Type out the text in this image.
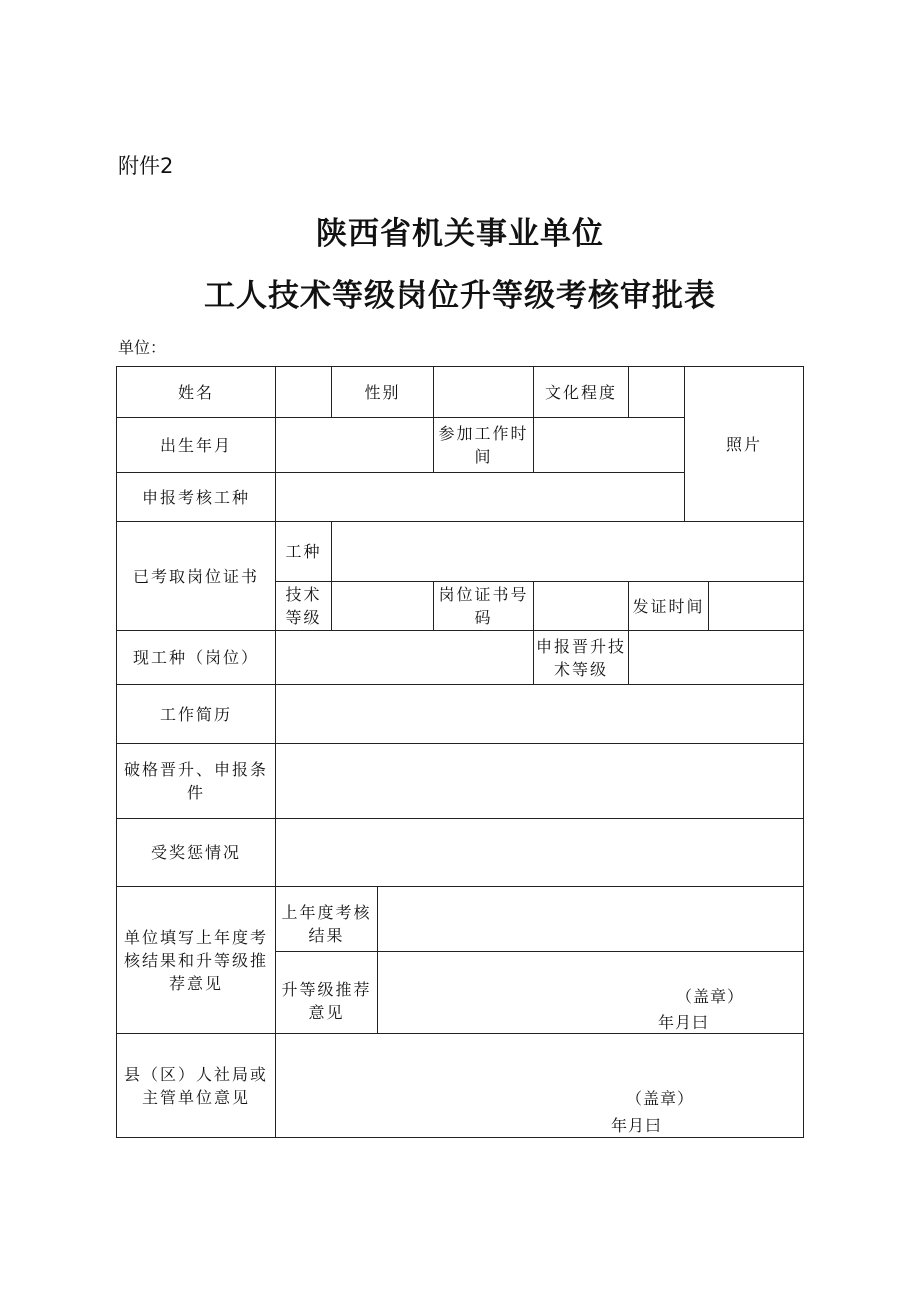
附件2
陕西省机关事业单位
工人技术等级岗位升等级考核审批表
单位：
姓名		性别			文化程度		照片	
出生年月				参加工作时间				
申报考核工种								
已考取岗位证书	工种							
	技术等级			岗位证书号码		发证时间		
现工种（岗位）					申报晋升技术等级			
工作简历								
破格晋升、申报条件								
受奖惩情况								
单位填写上年度考核结果和升等级推荐意见	上年度考核结果							
	升等级推荐意见		（盖章）
年月曰					

县（区）人社局或主管单位意见	（盖章）
年月曰							
